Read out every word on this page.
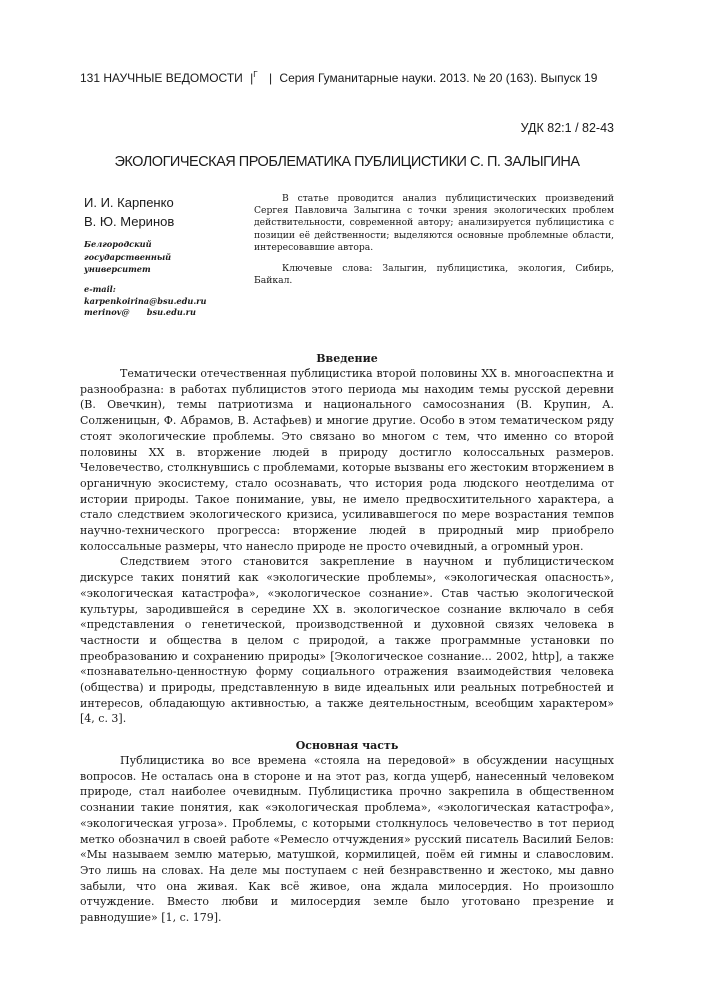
131 НАУЧНЫЕ ВЕДОМОСТИ $|^Г$ | Серия Гуманитарные науки. 2013. № 20 (163). Выпуск 19
УДК 82:1 / 82-43
ЭКОЛОГИЧЕСКАЯ ПРОБЛЕМАТИКА ПУБЛИЦИСТИКИ С. П. ЗАЛЫГИНА
И. И. Карпенко
В. Ю. Меринов
Белгородский
государственный
университет
e-mail:
karpenkoirina@bsu.edu.ru
merinov@      bsu.edu.ru

В статье проводится анализ публицистических произведений Сергея Павловича Залыгина с точки зрения экологических проблем действительности, современной автору; анализируется публицистика с позиции её действенности; выделяются основные проблемные области, интересовавшие автора.

Ключевые слова: Залыгин, публицистика, экология, Сибирь, Байкал.

Введение

Тематически отечественная публицистика второй половины XX в. многоаспектна и разнообразна: в работах публицистов этого периода мы находим темы русской деревни (В. Овечкин), темы патриотизма и национального самосознания (В. Крупин, А. Солженицын, Ф. Абрамов, В. Астафьев) и многие другие. Особо в этом тематическом ряду стоят экологические проблемы. Это связано во многом с тем, что именно со второй половины XX в. вторжение людей в природу достигло колоссальных размеров. Человечество, столкнувшись с проблемами, которые вызваны его жестоким вторжением в органичную экосистему, стало осознавать, что история рода людского неотделима от истории природы. Такое понимание, увы, не имело предвосхитительного характера, а стало следствием экологического кризиса, усиливавшегося по мере возрастания темпов научно-технического прогресса: вторжение людей в природный мир приобрело колоссальные размеры, что нанесло природе не просто очевидный, а огромный урон.

Следствием этого становится закрепление в научном и публицистическом дискурсе таких понятий как «экологические проблемы», «экологическая опасность», «экологическая катастрофа», «экологическое сознание». Став частью экологической культуры, зародившейся в середине XX в. экологическое сознание включало в себя «представления о генетической, производственной и духовной связях человека в частности и общества в целом с природой, а также программные установки по преобразованию и сохранению природы» [Экологическое сознание... 2002, http], а также «познавательно-ценностную форму социального отражения взаимодействия человека (общества) и природы, представленную в виде идеальных или реальных потребностей и интересов, обладающую активностью, а также деятельностным, всеобщим характером» [4, с. 3].

Основная часть

Публицистика во все времена «стояла на передовой» в обсуждении насущных вопросов. Не осталась она в стороне и на этот раз, когда ущерб, нанесенный человеком природе, стал наиболее очевидным. Публицистика прочно закрепила в общественном сознании такие понятия, как «экологическая проблема», «экологическая катастрофа», «экологическая угроза». Проблемы, с которыми столкнулось человечество в тот период метко обозначил в своей работе «Ремесло отчуждения» русский писатель Василий Белов: «Мы называем землю матерью, матушкой, кормилицей, поём ей гимны и славословим. Это лишь на словах. На деле мы поступаем с ней безнравственно и жестоко, мы давно забыли, что она живая. Как всё живое, она ждала милосердия. Но произошло отчуждение. Вместо любви и милосердия земле было уготовано презрение и равнодушие» [1, с. 179].
